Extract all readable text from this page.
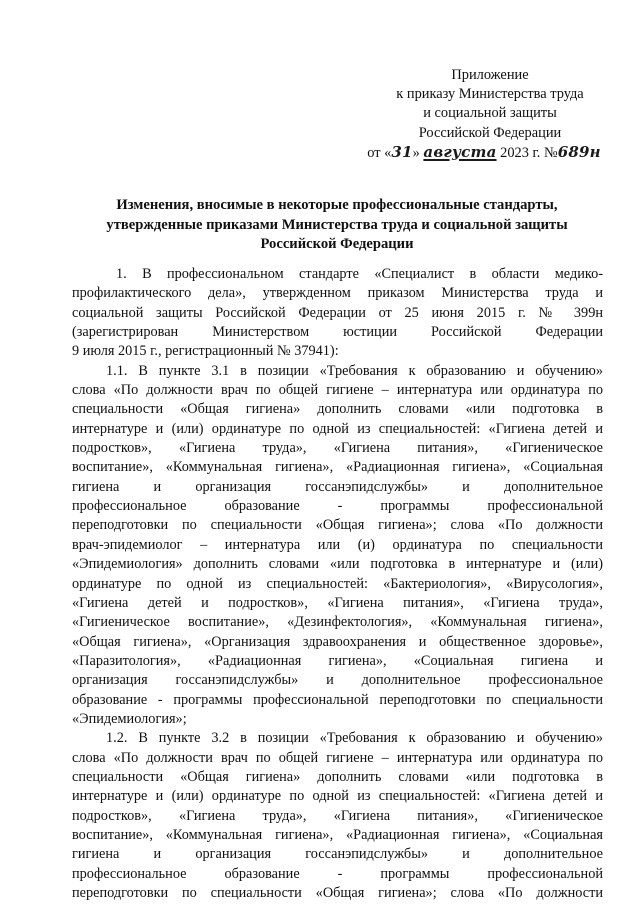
Приложение
к приказу Министерства труда
и социальной защиты
Российской Федерации
от «31» августа 2023 г. №689н
Изменения, вносимые в некоторые профессиональные стандарты,
утвержденные приказами Министерства труда и социальной защиты
Российской Федерации
1. В профессиональном стандарте «Специалист в области медико-
профилактического дела», утвержденном приказом Министерства труда и
социальной защиты Российской Федерации от 25 июня 2015 г. № 399н
(зарегистрирован Министерством юстиции Российской Федерации
9 июля 2015 г., регистрационный № 37941):
1.1. В пункте 3.1 в позиции «Требования к образованию и обучению»
слова «По должности врач по общей гигиене – интернатура или ординатура по
специальности «Общая гигиена» дополнить словами «или подготовка в
интернатуре и (или) ординатуре по одной из специальностей: «Гигиена детей и
подростков», «Гигиена труда», «Гигиена питания», «Гигиеническое
воспитание», «Коммунальная гигиена», «Радиационная гигиена», «Социальная
гигиена и организация госсанэпидслужбы» и дополнительное
профессиональное образование - программы профессиональной
переподготовки по специальности «Общая гигиена»; слова «По должности
врач-эпидемиолог – интернатура или (и) ординатура по специальности
«Эпидемиология» дополнить словами «или подготовка в интернатуре и (или)
ординатуре по одной из специальностей: «Бактериология», «Вирусология»,
«Гигиена детей и подростков», «Гигиена питания», «Гигиена труда»,
«Гигиеническое воспитание», «Дезинфектология», «Коммунальная гигиена»,
«Общая гигиена», «Организация здравоохранения и общественное здоровье»,
«Паразитология», «Радиационная гигиена», «Социальная гигиена и
организация госсанэпидслужбы» и дополнительное профессиональное
образование - программы профессиональной переподготовки по специальности
«Эпидемиология»;
1.2. В пункте 3.2 в позиции «Требования к образованию и обучению»
слова «По должности врач по общей гигиене – интернатура или ординатура по
специальности «Общая гигиена» дополнить словами «или подготовка в
интернатуре и (или) ординатуре по одной из специальностей: «Гигиена детей и
подростков», «Гигиена труда», «Гигиена питания», «Гигиеническое
воспитание», «Коммунальная гигиена», «Радиационная гигиена», «Социальная
гигиена и организация госсанэпидслужбы» и дополнительное
профессиональное образование - программы профессиональной
переподготовки по специальности «Общая гигиена»; слова «По должности
